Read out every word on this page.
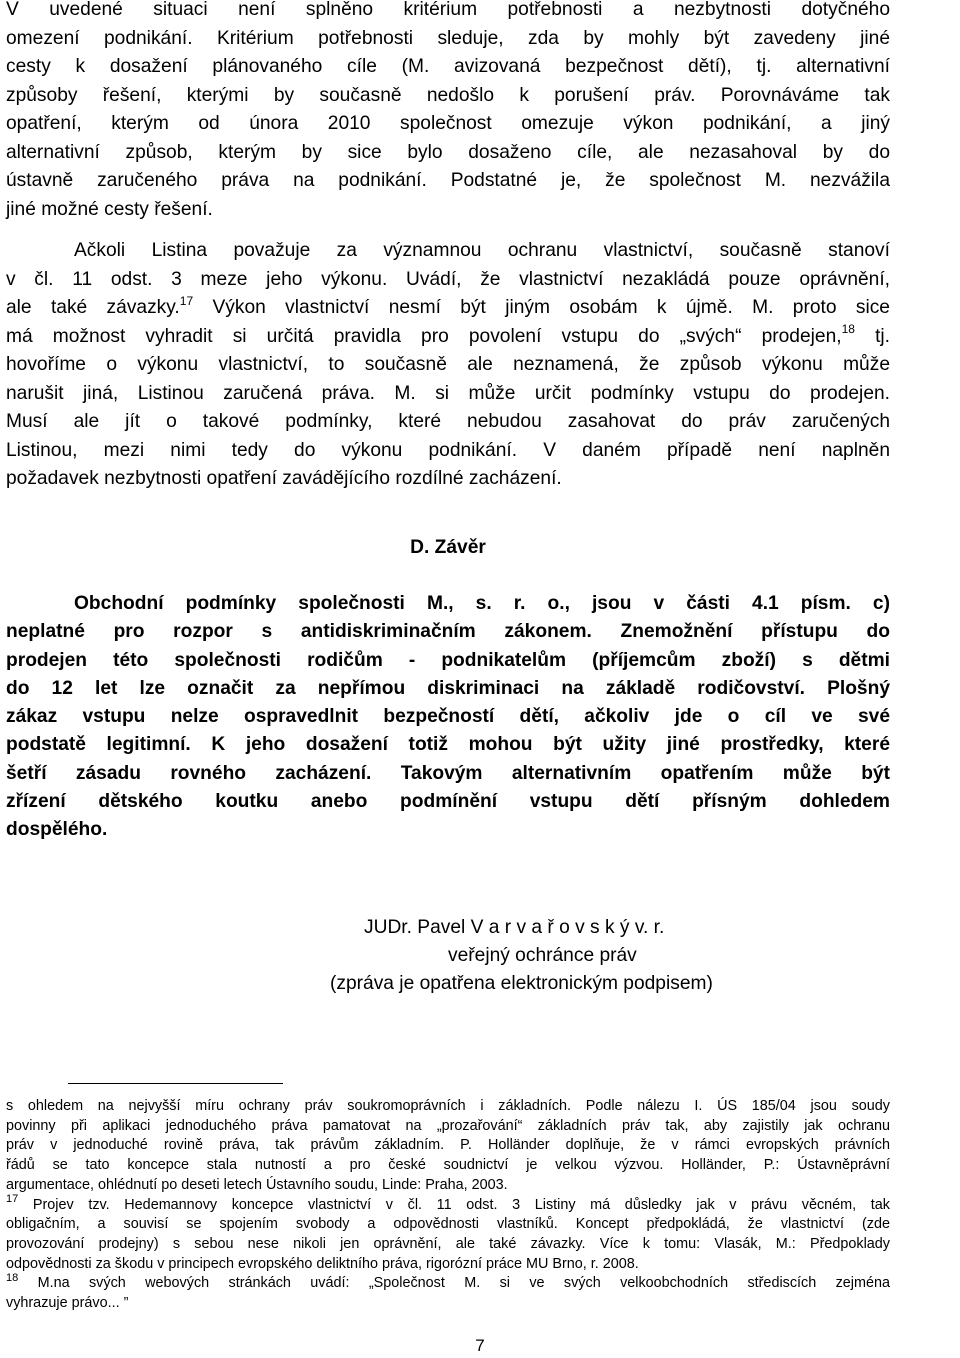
V uvedené situaci není splněno kritérium potřebnosti a nezbytnosti dotyčného
omezení podnikání. Kritérium potřebnosti sleduje, zda by mohly být zavedeny jiné
cesty k dosažení plánovaného cíle (M. avizovaná bezpečnost dětí), tj. alternativní
způsoby řešení, kterými by současně nedošlo k porušení práv. Porovnáváme tak
opatření, kterým od února 2010 společnost omezuje výkon podnikání, a jiný
alternativní způsob, kterým by sice bylo dosaženo cíle, ale nezasahoval by do
ústavně zaručeného práva na podnikání. Podstatné je, že společnost M. nezvážila
jiné možné cesty řešení.

Ačkoli Listina považuje za významnou ochranu vlastnictví, současně stanoví
v čl. 11 odst. 3 meze jeho výkonu. Uvádí, že vlastnictví nezakládá pouze oprávnění,
ale také závazky.$^{17}$ Výkon vlastnictví nesmí být jiným osobám k újmě. M. proto sice
má možnost vyhradit si určitá pravidla pro povolení vstupu do „svých“ prodejen,$^{18}$ tj.
hovoříme o výkonu vlastnictví, to současně ale neznamená, že způsob výkonu může
narušit jiná, Listinou zaručená práva. M. si může určit podmínky vstupu do prodejen.
Musí ale jít o takové podmínky, které nebudou zasahovat do práv zaručených
Listinou, mezi nimi tedy do výkonu podnikání. V daném případě není naplněn
požadavek nezbytnosti opatření zavádějícího rozdílné zacházení.

D. Závěr

Obchodní podmínky společnosti M., s. r. o., jsou v části 4.1 písm. c)
neplatné pro rozpor s antidiskriminačním zákonem. Znemožnění přístupu do
prodejen této společnosti rodičům - podnikatelům (příjemcům zboží) s dětmi
do 12 let lze označit za nepřímou diskriminaci na základě rodičovství. Plošný
zákaz vstupu nelze ospravedlnit bezpečností dětí, ačkoliv jde o cíl ve své
podstatě legitimní. K jeho dosažení totiž mohou být užity jiné prostředky, které
šetří zásadu rovného zacházení. Takovým alternativním opatřením může být
zřízení dětského koutku anebo podmínění vstupu dětí přísným dohledem
dospělého.

JUDr. Pavel V a r v a ř o v s k ý v. r.
veřejný ochránce práv
(zpráva je opatřena elektronickým podpisem)
s ohledem na nejvyšší míru ochrany práv soukromoprávních i základních. Podle nálezu I. ÚS 185/04 jsou soudy
povinny při aplikaci jednoduchého práva pamatovat na „prozařování“ základních práv tak, aby zajistily jak ochranu
práv v jednoduché rovině práva, tak právům základním. P. Holländer doplňuje, že v rámci evropských právních
řádů se tato koncepce stala nutností a pro české soudnictví je velkou výzvou. Holländer, P.: Ústavněprávní
argumentace, ohlédnutí po deseti letech Ústavního soudu, Linde: Praha, 2003.
$^{17}$ Projev tzv. Hedemannovy koncepce vlastnictví v čl. 11 odst. 3 Listiny má důsledky jak v právu věcném, tak
obligačním, a souvisí se spojením svobody a odpovědnosti vlastníků. Koncept předpokládá, že vlastnictví (zde
provozování prodejny) s sebou nese nikoli jen oprávnění, ale také závazky. Více k tomu: Vlasák, M.: Předpoklady
odpovědnosti za škodu v principech evropského deliktního práva, rigorózní práce MU Brno, r. 2008.
$^{18}$ M.na svých webových stránkách uvádí: „Společnost M. si ve svých velkoobchodních střediscích zejména
vyhrazuje právo... ”
7
